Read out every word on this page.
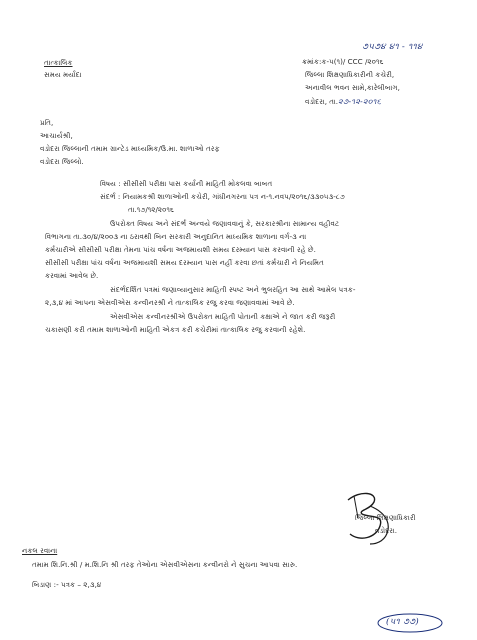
તાત્કાલિક
સમય મર્યાદા
૭૫૭૪ ૪૧ - ૧૧૪
ક્રમાંક:ક-૫(૧)/ CCC /૨૦૧૬
જિલ્લા શિક્ષણાધિકારીની કચેરી,
અનાવીલ ભવન સામે,કારેલીબાગ,
વડોદરા, તા.૨૭-૧૨-૨૦૧૬
પ્રતિ,
આચાર્યશ્રી,
વડોદરા જિલ્લાની તમામ ગ્રાન્ટેડ માધ્યમિક/ઉ.મા. શાળાઓ તરફ
વડોદરા જિલ્લો.
વિષય : સીસીસી પરીક્ષા પાસ કર્યાની માહિતી મોકલવા બાબત
સંદર્ભ : નિયામકશ્રી શાળાઓની કચેરી, ગાંધીનગરના પત્ર ન-૧.નવપ/૨૦૧૬/૩૩૦૫૩-૮૭
તા.૧૭/૧૨/૨૦૧૬
ઉપરોક્ત વિષય અને સંદર્ભ અન્વયે જણાવવાનું કે, સરકારશ્રીના સામાન્ય વહીવટ
વિભાગના તા.૩૦/૪/૨૦૦૩ ના ઠરાવથી બિન સરકારી અનુદાનિત માધ્યમિક શાળાના વર્ગ-૩ ના
કર્મચારીએ સીસીસી પરીક્ષા તેમના પાંચ વર્ષના અજમાયશી સમય દરમ્યાન પાસ કરવાની રહે છે.
સીસીસી પરીક્ષા પાંચ વર્ષના અજમાયશી સમય દરમ્યાન પાસ નહીં કરવા છતાં કર્મચારી ને નિયમિત
કરવામાં આવેલ છે.
સંદર્ભદર્શિત પત્રમાં જણાવ્યાનુસાર માહિતી સ્પષ્ટ અને ભુલરહિત આ સાથે આમેલ પત્રક-
૨,૩,૪ માં આપના એસવીએસ કન્વીનરશ્રી ને તાત્કાલિક રજુ કરવા જણાવવામાં આવે છે.
એસવીએસ કન્વીનરશ્રીએ ઉપરોક્ત માહિતી પોતાની કક્ષાએ ને જાત કરી જરૂરી
ચકાસણી કરી તમામ શાળાઓની માહિતી એકત્ર કરી કચેરીમાં તાત્કાલિક રજુ કરવાની રહેશે.
જિલ્લા શિક્ષણાધિકારી
વડોદરા.
નકલ રવાના
તમામ શિ.નિ.શ્રી / મ.શિ.નિ શ્રી તરફ તેઓના એસવીએસના કન્વીનરો ને સુચના આપવા સારુ.
બિડાણ :- પત્રક – ૨,૩,૪
(૫૧ ૭૭)
